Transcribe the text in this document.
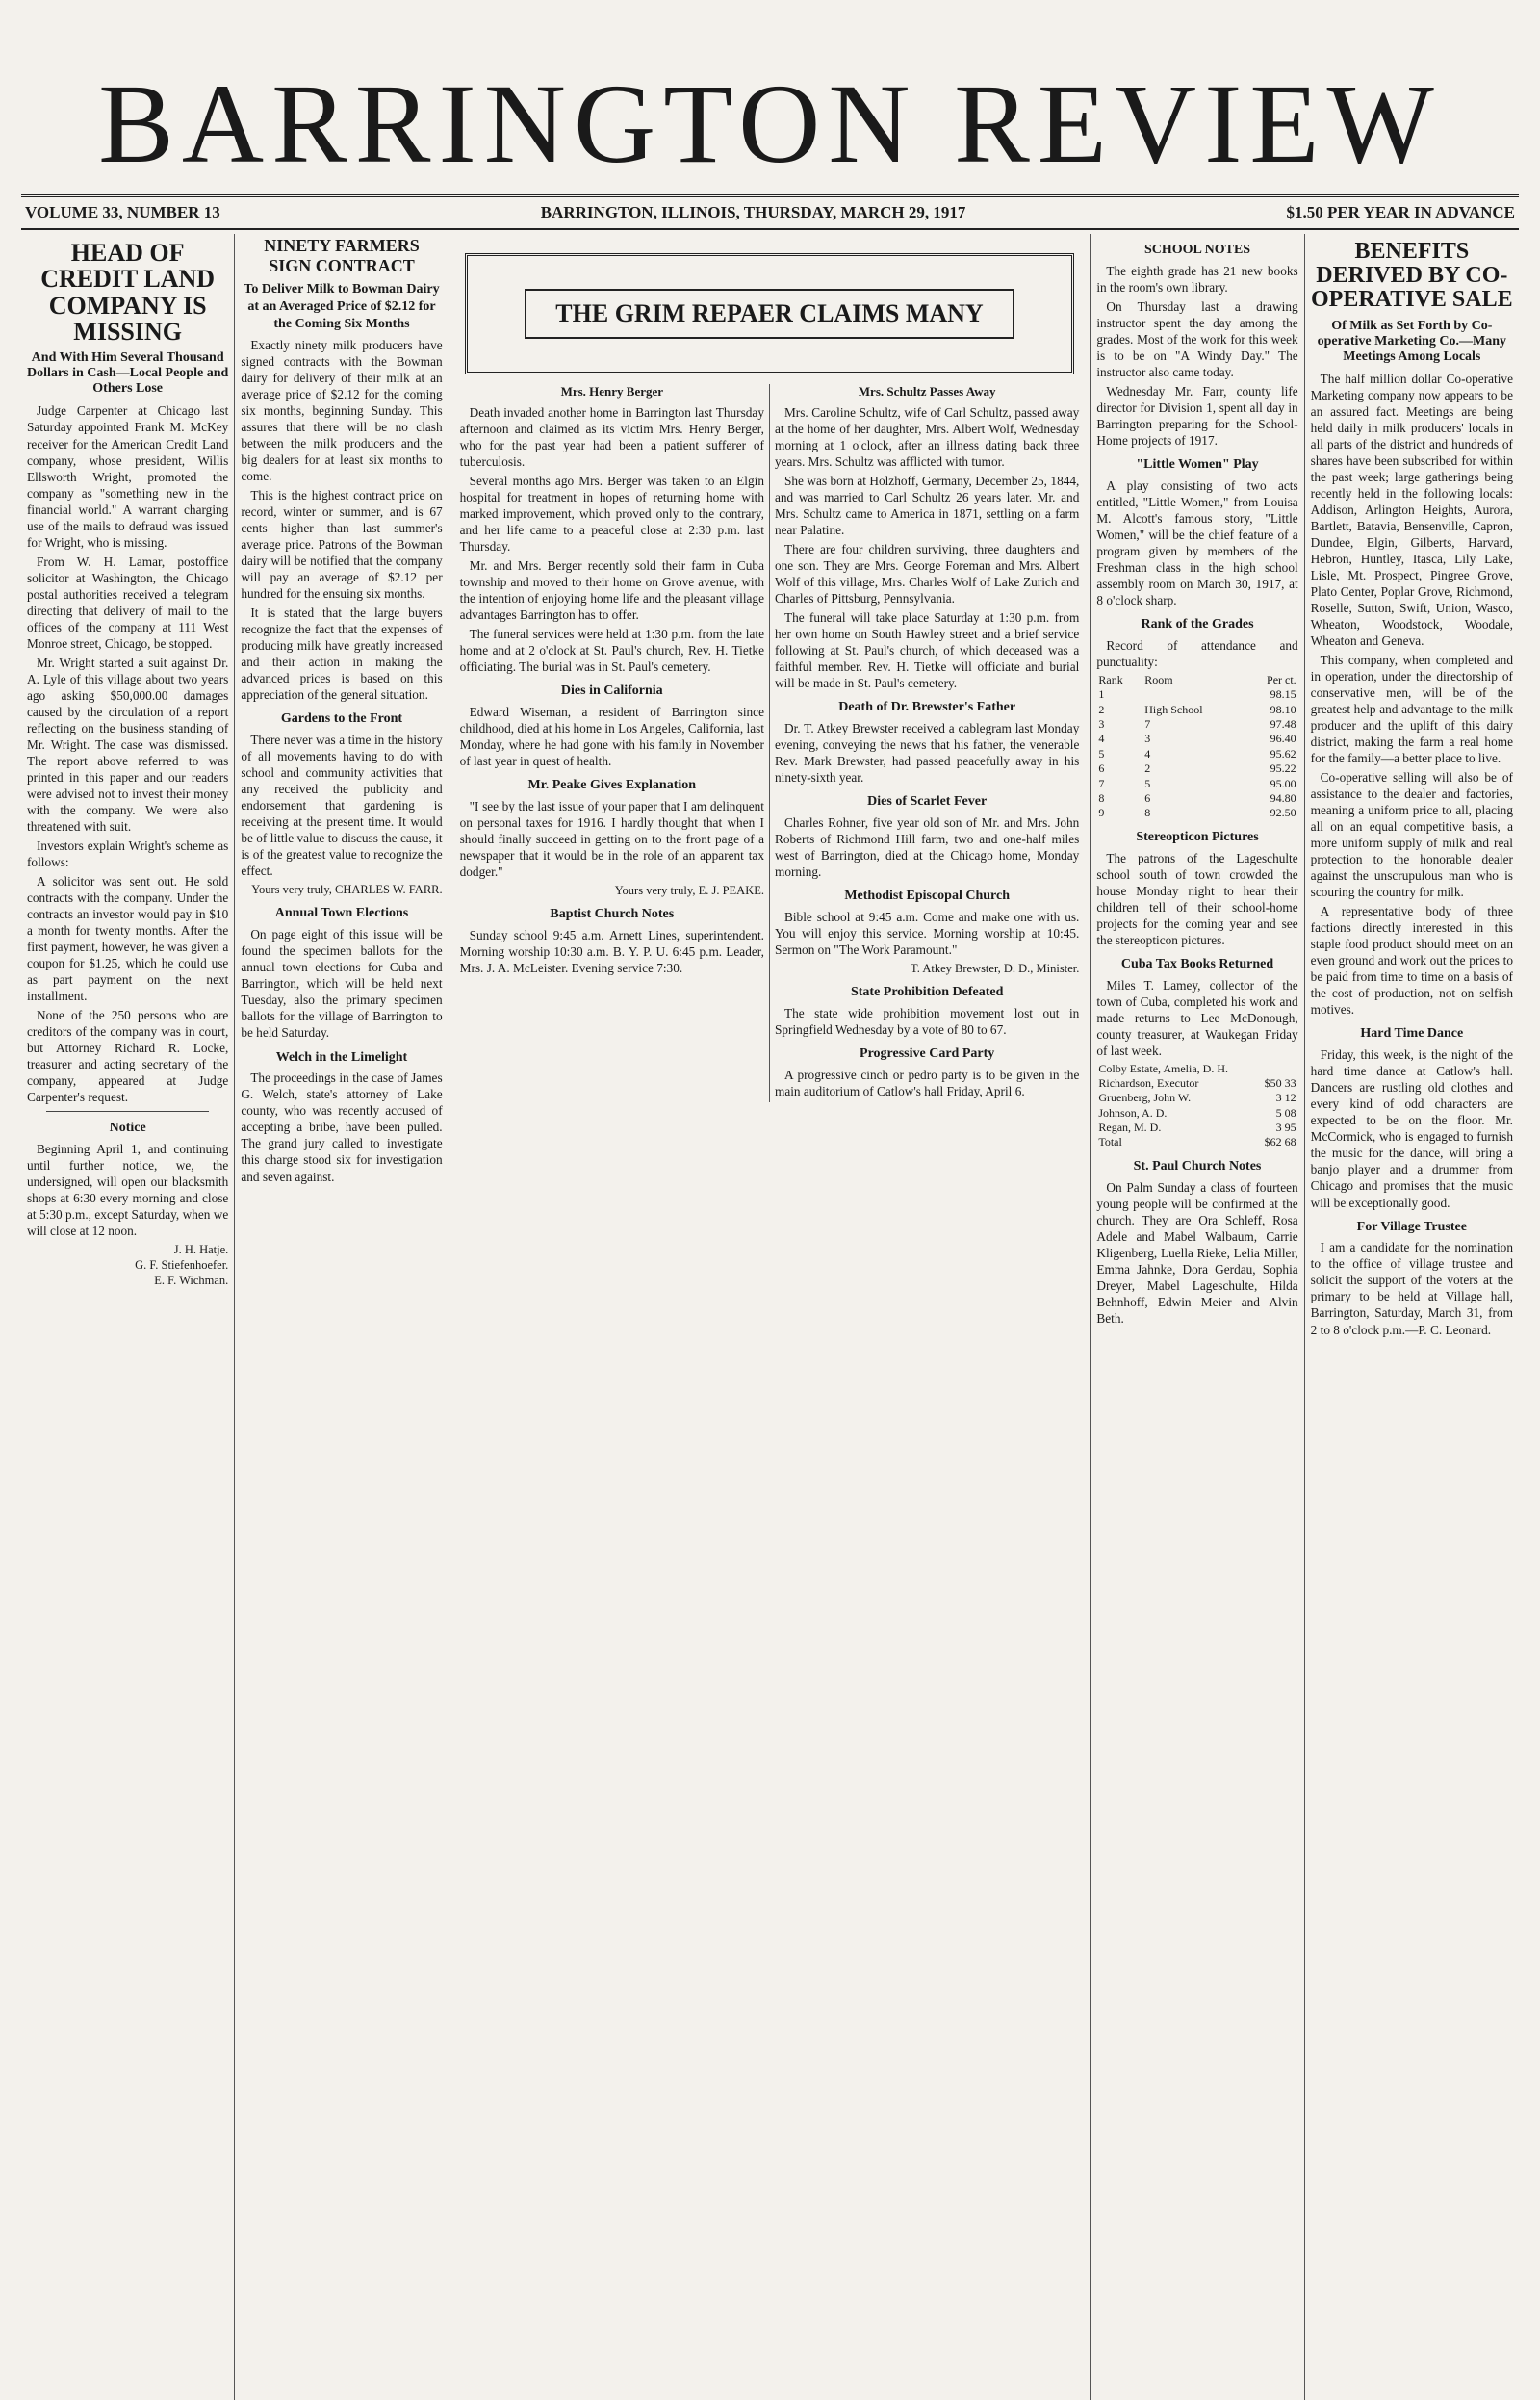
BARRINGTON REVIEW
VOLUME 33, NUMBER 13	BARRINGTON, ILLINOIS, THURSDAY, MARCH 29, 1917	$1.50 PER YEAR IN ADVANCE
HEAD OF CREDIT LAND COMPANY IS MISSING
And With Him Several Thousand Dollars in Cash—Local People and Others Lose

Judge Carpenter at Chicago last Saturday appointed Frank M. McKey receiver for the American Credit Land company, whose president, Willis Ellsworth Wright, promoted the company as "something new in the financial world." A warrant charging use of the mails to defraud was issued for Wright, who is missing.

From W. H. Lamar, postoffice solicitor at Washington, the Chicago postal authorities received a telegram directing that delivery of mail to the offices of the company at 111 West Monroe street, Chicago, be stopped.

Mr. Wright started a suit against Dr. A. Lyle of this village about two years ago asking $50,000.00 damages caused by the circulation of a report reflecting on the business standing of Mr. Wright. The case was dismissed. The report above referred to was printed in this paper and our readers were advised not to invest their money with the company. We were also threatened with suit.

Investors explain Wright's scheme as follows:

A solicitor was sent out. He sold contracts with the company. Under the contracts an investor would pay in $10 a month for twenty months. After the first payment, however, he was given a coupon for $1.25, which he could use as part payment on the next installment.

None of the 250 persons who are creditors of the company was in court, but Attorney Richard R. Locke, treasurer and acting secretary of the company, appeared at Judge Carpenter's request.

Notice

Beginning April 1, and continuing until further notice, we, the undersigned, will open our blacksmith shops at 6:30 every morning and close at 5:30 p.m., except Saturday, when we will close at 12 noon.

J. H. Hatje.
G. F. Stiefenhoefer.
E. F. Wichman.
NINETY FARMERS SIGN CONTRACT
To Deliver Milk to Bowman Dairy at an Averaged Price of $2.12 for the Coming Six Months

Exactly ninety milk producers have signed contracts with the Bowman dairy for delivery of their milk at an average price of $2.12 for the coming six months, beginning Sunday. This assures that there will be no clash between the milk producers and the big dealers for at least six months to come.

This is the highest contract price on record, winter or summer, and is 67 cents higher than last summer's average price. Patrons of the Bowman dairy will be notified that the company will pay an average of $2.12 per hundred for the ensuing six months.

It is stated that the large buyers recognize the fact that the expenses of producing milk have greatly increased and their action in making the advanced prices is based on this appreciation of the general situation.

Gardens to the Front

There never was a time in the history of all movements having to do with school and community activities that any received the publicity and endorsement that gardening is receiving at the present time. It would be of little value to discuss the cause, it is of the greatest value to recognize the effect.

Yours very truly, CHARLES W. FARR.
Annual Town Elections

On page eight of this issue will be found the specimen ballots for the annual town elections for Cuba and Barrington, which will be held next Tuesday, also the primary specimen ballots for the village of Barrington to be held Saturday.

Welch in the Limelight

The proceedings in the case of James G. Welch, state's attorney of Lake county, who was recently accused of accepting a bribe, have been pulled. The grand jury called to investigate this charge stood six for investigation and seven against.

THE GRIM REPAER CLAIMS MANY
Mrs. Henry Berger

Death invaded another home in Barrington last Thursday afternoon and claimed as its victim Mrs. Henry Berger, who for the past year had been a patient sufferer of tuberculosis.

Several months ago Mrs. Berger was taken to an Elgin hospital for treatment in hopes of returning home with marked improvement, which proved only to the contrary, and her life came to a peaceful close at 2:30 p.m. last Thursday.

Mr. and Mrs. Berger recently sold their farm in Cuba township and moved to their home on Grove avenue, with the intention of enjoying home life and the pleasant village advantages Barrington has to offer.

The funeral services were held at 1:30 p.m. from the late home and at 2 o'clock at St. Paul's church, Rev. H. Tietke officiating. The burial was in St. Paul's cemetery.

Dies in California

Edward Wiseman, a resident of Barrington since childhood, died at his home in Los Angeles, California, last Monday, where he had gone with his family in November of last year in quest of health.

Mr. Peake Gives Explanation

"I see by the last issue of your paper that I am delinquent on personal taxes for 1916. I hardly thought that when I should finally succeed in getting on to the front page of a newspaper that it would be in the role of an apparent tax dodger."

Yours very truly, E. J. PEAKE.
Baptist Church Notes

Sunday school 9:45 a.m. Arnett Lines, superintendent. Morning worship 10:30 a.m. B. Y. P. U. 6:45 p.m. Leader, Mrs. J. A. McLeister. Evening service 7:30.

Mrs. Schultz Passes Away

Mrs. Caroline Schultz, wife of Carl Schultz, passed away at the home of her daughter, Mrs. Albert Wolf, Wednesday morning at 1 o'clock, after an illness dating back three years. Mrs. Schultz was afflicted with tumor.

She was born at Holzhoff, Germany, December 25, 1844, and was married to Carl Schultz 26 years later. Mr. and Mrs. Schultz came to America in 1871, settling on a farm near Palatine.

There are four children surviving, three daughters and one son. They are Mrs. George Foreman and Mrs. Albert Wolf of this village, Mrs. Charles Wolf of Lake Zurich and Charles of Pittsburg, Pennsylvania.

The funeral will take place Saturday at 1:30 p.m. from her own home on South Hawley street and a brief service following at St. Paul's church, of which deceased was a faithful member. Rev. H. Tietke will officiate and burial will be made in St. Paul's cemetery.

Death of Dr. Brewster's Father

Dr. T. Atkey Brewster received a cablegram last Monday evening, conveying the news that his father, the venerable Rev. Mark Brewster, had passed peacefully away in his ninety-sixth year.

Dies of Scarlet Fever

Charles Rohner, five year old son of Mr. and Mrs. John Roberts of Richmond Hill farm, two and one-half miles west of Barrington, died at the Chicago home, Monday morning.

Methodist Episcopal Church

Bible school at 9:45 a.m. Come and make one with us. You will enjoy this service. Morning worship at 10:45. Sermon on "The Work Paramount."

T. Atkey Brewster, D. D., Minister.
State Prohibition Defeated

The state wide prohibition movement lost out in Springfield Wednesday by a vote of 80 to 67.

Progressive Card Party

A progressive cinch or pedro party is to be given in the main auditorium of Catlow's hall Friday, April 6.

SCHOOL NOTES

The eighth grade has 21 new books in the room's own library.

On Thursday last a drawing instructor spent the day among the grades. Most of the work for this week is to be on "A Windy Day." The instructor also came today.

Wednesday Mr. Farr, county life director for Division 1, spent all day in Barrington preparing for the School-Home projects of 1917.

"Little Women" Play

A play consisting of two acts entitled, "Little Women," from Louisa M. Alcott's famous story, "Little Women," will be the chief feature of a program given by members of the Freshman class in the high school assembly room on March 30, 1917, at 8 o'clock sharp.

Rank of the Grades

Record of attendance and punctuality:

Rank	Room	Per ct.
1		98.15
2	High School	98.10
3	7	97.48
4	3	96.40
5	4	95.62
6	2	95.22
7	5	95.00
8	6	94.80
9	8	92.50
Stereopticon Pictures

The patrons of the Lageschulte school south of town crowded the house Monday night to hear their children tell of their school-home projects for the coming year and see the stereopticon pictures.

Cuba Tax Books Returned

Miles T. Lamey, collector of the town of Cuba, completed his work and made returns to Lee McDonough, county treasurer, at Waukegan Friday of last week.

Colby Estate, Amelia, D. H.	
Richardson, Executor	$50 33
Gruenberg, John W.	3 12
Johnson, A. D.	5 08
Regan, M. D.	3 95
Total	$62 68
St. Paul Church Notes

On Palm Sunday a class of fourteen young people will be confirmed at the church. They are Ora Schleff, Rosa Adele and Mabel Walbaum, Carrie Kligenberg, Luella Rieke, Lelia Miller, Emma Jahnke, Dora Gerdau, Sophia Dreyer, Mabel Lageschulte, Hilda Behnhoff, Edwin Meier and Alvin Beth.

BENEFITS DERIVED BY CO-OPERATIVE SALE
Of Milk as Set Forth by Co-operative Marketing Co.—Many Meetings Among Locals

The half million dollar Co-operative Marketing company now appears to be an assured fact. Meetings are being held daily in milk producers' locals in all parts of the district and hundreds of shares have been subscribed for within the past week; large gatherings being recently held in the following locals: Addison, Arlington Heights, Aurora, Bartlett, Batavia, Bensenville, Capron, Dundee, Elgin, Gilberts, Harvard, Hebron, Huntley, Itasca, Lily Lake, Lisle, Mt. Prospect, Pingree Grove, Plato Center, Poplar Grove, Richmond, Roselle, Sutton, Swift, Union, Wasco, Wheaton, Woodstock, Woodale, Wheaton and Geneva.

This company, when completed and in operation, under the directorship of conservative men, will be of the greatest help and advantage to the milk producer and the uplift of this dairy district, making the farm a real home for the family—a better place to live.

Co-operative selling will also be of assistance to the dealer and factories, meaning a uniform price to all, placing all on an equal competitive basis, a more uniform supply of milk and real protection to the honorable dealer against the unscrupulous man who is scouring the country for milk.

A representative body of three factions directly interested in this staple food product should meet on an even ground and work out the prices to be paid from time to time on a basis of the cost of production, not on selfish motives.

Hard Time Dance

Friday, this week, is the night of the hard time dance at Catlow's hall. Dancers are rustling old clothes and every kind of odd characters are expected to be on the floor. Mr. McCormick, who is engaged to furnish the music for the dance, will bring a banjo player and a drummer from Chicago and promises that the music will be exceptionally good.

For Village Trustee

I am a candidate for the nomination to the office of village trustee and solicit the support of the voters at the primary to be held at Village hall, Barrington, Saturday, March 31, from 2 to 8 o'clock p.m.—P. C. Leonard.
